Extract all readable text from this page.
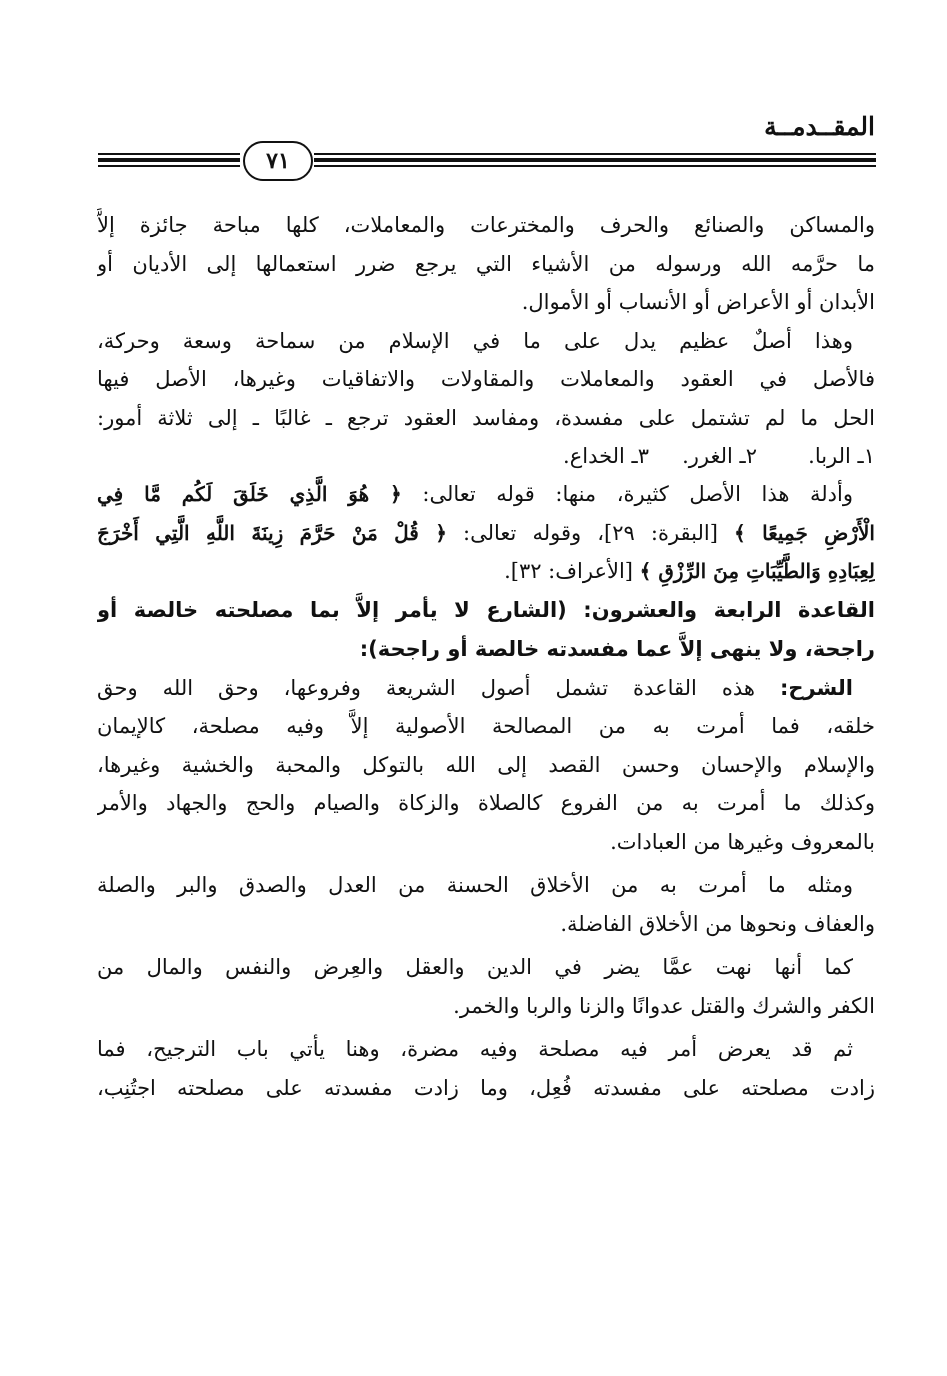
المقــدمــة
٧١
والمساكن والصنائع والحرف والمخترعات والمعاملات، كلها مباحة جائزة إلاَّ
ما حرَّمه الله ورسوله من الأشياء التي يرجع ضرر استعمالها إلى الأديان أو
الأبدان أو الأعراض أو الأنساب أو الأموال.
وهذا أصلٌ عظيم يدل على ما في الإسلام من سماحة وسعة وحركة،
فالأصل في العقود والمعاملات والمقاولات والاتفاقيات وغيرها، الأصل فيها
الحل ما لم تشتمل على مفسدة، ومفاسد العقود ترجع ـ غالبًا ـ إلى ثلاثة أمور:
١ـ الربا.
٢ـ الغرر.
٣ـ الخداع.
وأدلة هذا الأصل كثيرة، منها: قوله تعالى: ﴿ هُوَ الَّذِي خَلَقَ لَكُم مَّا فِي
الْأَرْضِ جَمِيعًا ﴾ [البقرة: ٢٩]، وقوله تعالى: ﴿ قُلْ مَنْ حَرَّمَ زِينَةَ اللَّهِ الَّتِي أَخْرَجَ
لِعِبَادِهِ وَالطَّيِّبَاتِ مِنَ الرِّزْقِ ﴾ [الأعراف: ٣٢].
القاعدة الرابعة والعشرون: (الشارع لا يأمر إلاَّ بما مصلحته خالصة أو
راجحة، ولا ينهى إلاَّ عما مفسدته خالصة أو راجحة):
الشرح: هذه القاعدة تشمل أصول الشريعة وفروعها، وحق الله وحق
خلقه، فما أمرت به من المصالحة الأصولية إلاَّ وفيه مصلحة، كالإيمان
والإسلام والإحسان وحسن القصد إلى الله بالتوكل والمحبة والخشية وغيرها،
وكذلك ما أمرت به من الفروع كالصلاة والزكاة والصيام والحج والجهاد والأمر
بالمعروف وغيرها من العبادات.
ومثله ما أمرت به من الأخلاق الحسنة من العدل والصدق والبر والصلة
والعفاف ونحوها من الأخلاق الفاضلة.
كما أنها نهت عمَّا يضر في الدين والعقل والعِرض والنفس والمال من
الكفر والشرك والقتل عدوانًا والزنا والربا والخمر.
ثم قد يعرض أمر فيه مصلحة وفيه مضرة، وهنا يأتي باب الترجيح، فما
زادت مصلحته على مفسدته فُعِل، وما زادت مفسدته على مصلحته اجتُنِب،
